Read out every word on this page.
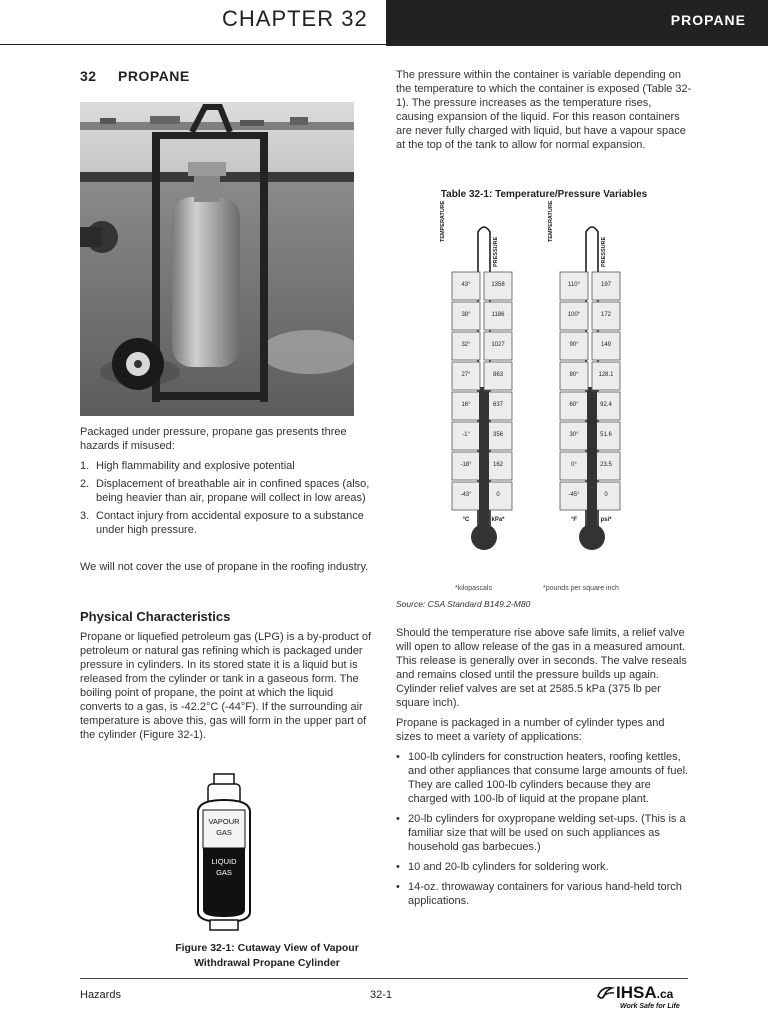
CHAPTER 32	PROPANE
32 PROPANE
Packaged under pressure, propane gas presents three hazards if misused:
1. High flammability and explosive potential
2. Displacement of breathable air in confined spaces (also, being heavier than air, propane will collect in low areas)
3. Contact injury from accidental exposure to a substance under high pressure.
We will not cover the use of propane in the roofing industry.
Physical Characteristics
Propane or liquefied petroleum gas (LPG) is a by-product of petroleum or natural gas refining which is packaged under pressure in cylinders. In its stored state it is a liquid but is released from the cylinder or tank in a gaseous form. The boiling point of propane, the point at which the liquid converts to a gas, is -42.2°C (-44°F). If the surrounding air temperature is above this, gas will form in the upper part of the cylinder (Figure 32-1).
VAPOUR
GAS
LIQUID
GAS
Figure 32-1: Cutaway View of Vapour
Withdrawal Propane Cylinder
The pressure within the container is variable depending on the temperature to which the container is exposed (Table 32-1). The pressure increases as the temperature rises, causing expansion of the liquid. For this reason containers are never fully charged with liquid, but have a vapour space at the top of the tank to allow for normal expansion.
Table 32-1: Temperature/Pressure Variables
TEMPERATURE
PRESSURE
43°	1358
38°	1186
32°	1027
27°	863
16°	637
-1°	356
-18°	162
-43°	0
°C	kPa*
*kilopascals
TEMPERATURE
PRESSURE
110°	197
100°	172
90°	149
80°	128.1
60°	92.4
30°	51.6
0°	23.5
-45°	0
°F	psi*
*pounds per square inch
Source: CSA Standard B149.2-M80
Should the temperature rise above safe limits, a relief valve will open to allow release of the gas in a measured amount. This release is generally over in seconds. The valve reseals and remains closed until the pressure builds up again. Cylinder relief valves are set at 2585.5 kPa (375 lb per square inch).
Propane is packaged in a number of cylinder types and sizes to meet a variety of applications:
• 100-lb cylinders for construction heaters, roofing kettles, and other appliances that consume large amounts of fuel. They are called 100-lb cylinders because they are charged with 100-lb of liquid at the propane plant.
• 20-lb cylinders for oxypropane welding set-ups. (This is a familiar size that will be used on such appliances as household gas barbecues.)
• 10 and 20-lb cylinders for soldering work.
• 14-oz. throwaway containers for various hand-held torch applications.
Hazards	32-1	IHSA.ca
Work Safe for Life
